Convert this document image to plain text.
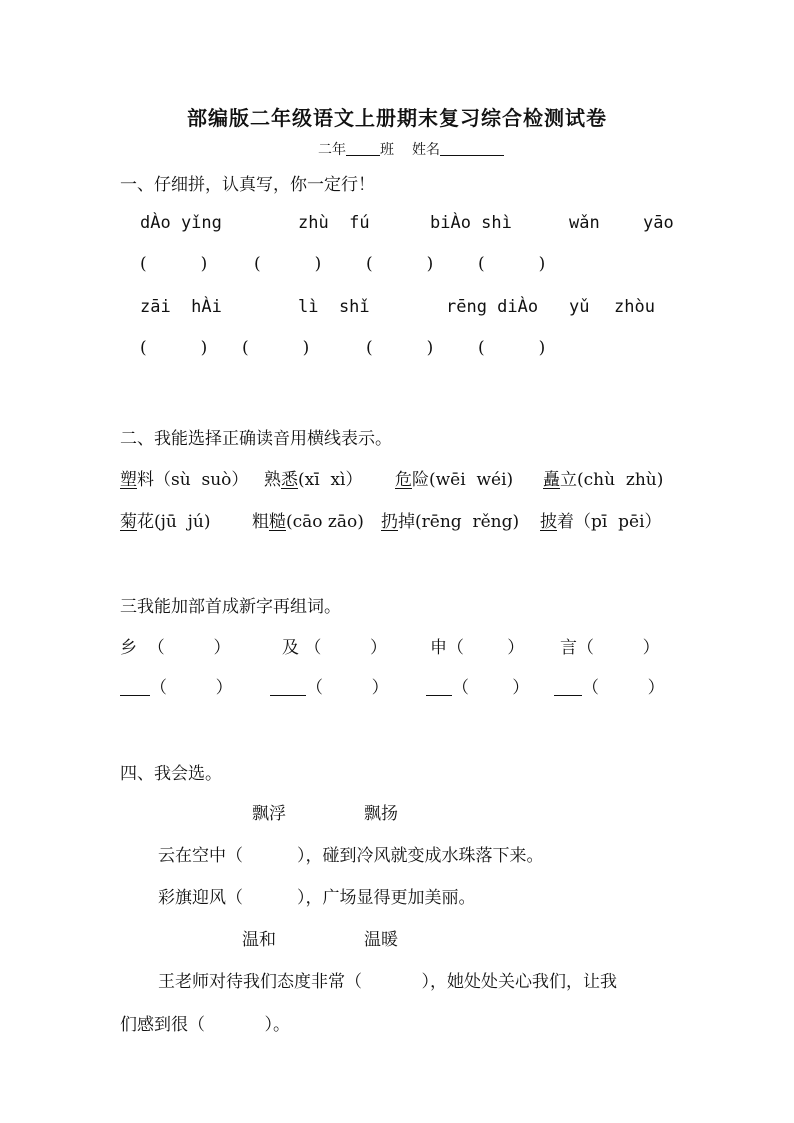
部编版二年级语文上册期末复习综合检测试卷
二年 班 姓名
一、仔细拼，认真写，你一定行！
dÀo yǐng	zhù  fú	biÀo shì	wǎn	yāo
(          )	(          )	(          )	(          )
zāi  hÀi	lì  shǐ	rēng diÀo yǔ zhòu
(          ) (          )	(          )	(          )
二、我能选择正确读音用横线表示。
塑料（sù  suò） 熟悉(xī  xì） 危险(wēi  wéi) 矗立(chù  zhù)
菊花(jū  jú) 粗糙(cāo zāo) 扔掉(rēng  rěng) 披着（pī  pēi）
三我能加部首成新字再组词。
乡  （         ）	及 （         ）	申（        ） 言（         ）
（         ）	（         ）	（        ）	（         ）
四、我会选。
飘浮	飘扬
云在空中（	），碰到冷风就变成水珠落下来。
彩旗迎风（	），广场显得更加美丽。
温和	温暖
王老师对待我们态度非常（	），她处处关心我们，让我
们感到很（	）。
